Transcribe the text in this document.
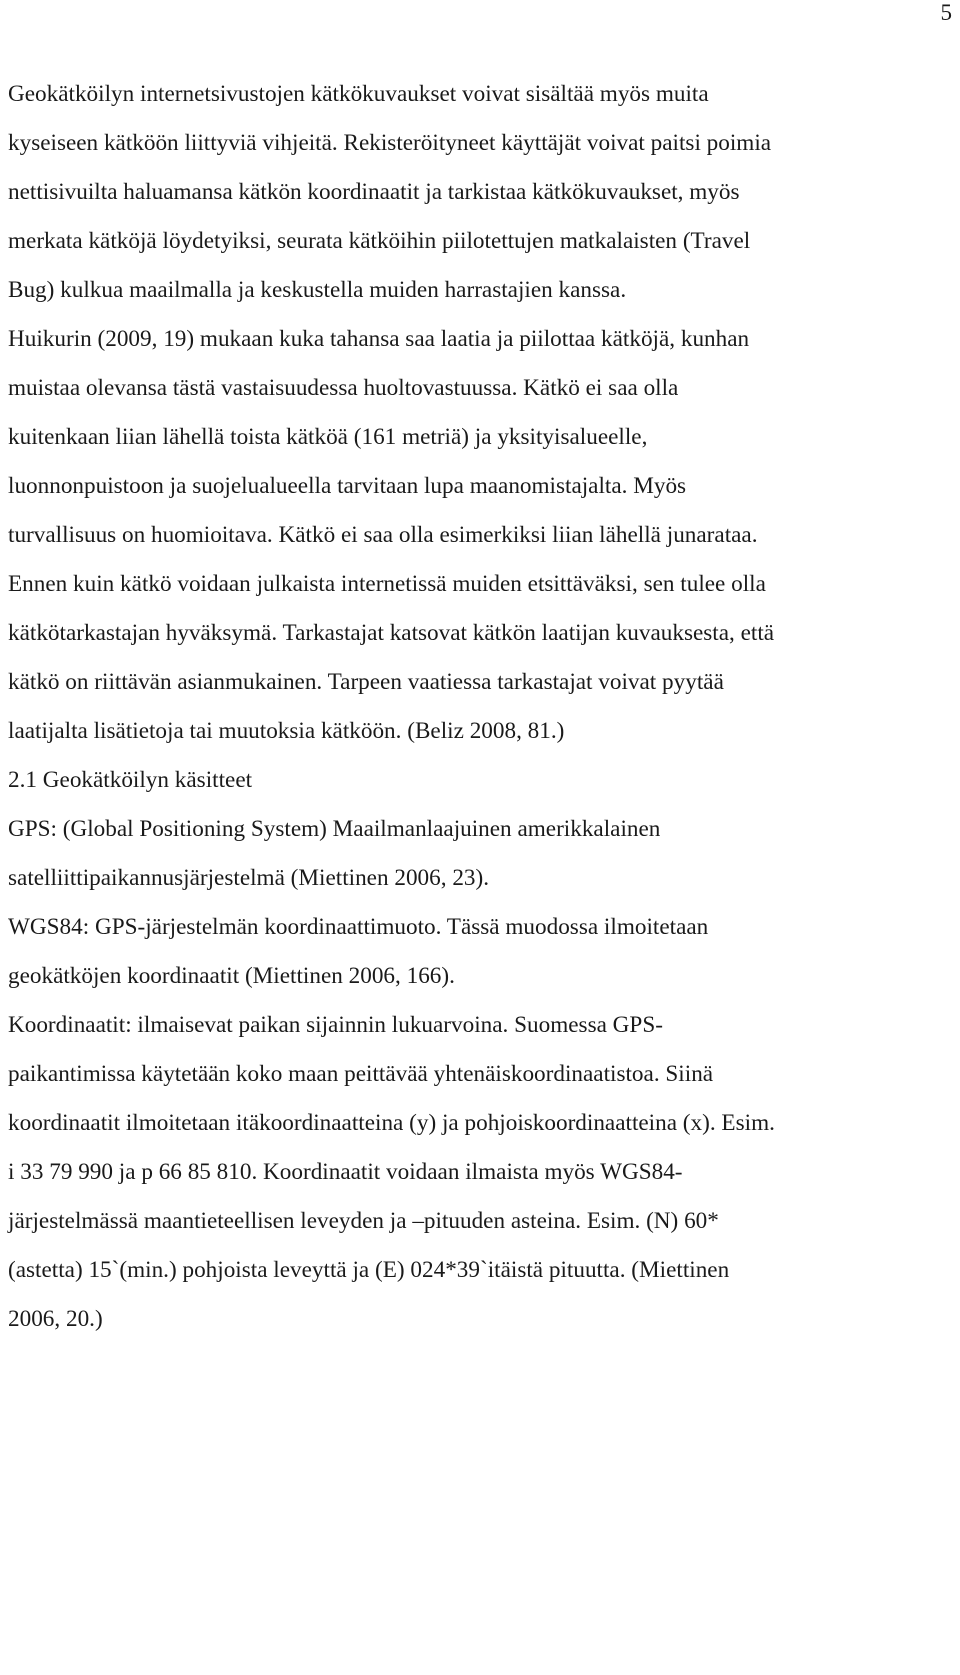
5

Geokätköilyn internetsivustojen kätkökuvaukset voivat sisältää myös muita
kyseiseen kätköön liittyviä vihjeitä. Rekisteröityneet käyttäjät voivat paitsi poimia
nettisivuilta haluamansa kätkön koordinaatit ja tarkistaa kätkökuvaukset, myös
merkata kätköjä löydetyiksi, seurata kätköihin piilotettujen matkalaisten (Travel
Bug) kulkua maailmalla ja keskustella muiden harrastajien kanssa.

Huikurin (2009, 19) mukaan kuka tahansa saa laatia ja piilottaa kätköjä, kunhan
muistaa olevansa tästä vastaisuudessa huoltovastuussa. Kätkö ei saa olla
kuitenkaan liian lähellä toista kätköä (161 metriä) ja yksityisalueelle,
luonnonpuistoon ja suojelualueella tarvitaan lupa maanomistajalta. Myös
turvallisuus on huomioitava. Kätkö ei saa olla esimerkiksi liian lähellä junarataa.
Ennen kuin kätkö voidaan julkaista internetissä muiden etsittäväksi, sen tulee olla
kätkötarkastajan hyväksymä. Tarkastajat katsovat kätkön laatijan kuvauksesta, että
kätkö on riittävän asianmukainen. Tarpeen vaatiessa tarkastajat voivat pyytää
laatijalta lisätietoja tai muutoksia kätköön. (Beliz 2008, 81.)

2.1 Geokätköilyn käsitteet

GPS: (Global Positioning System) Maailmanlaajuinen amerikkalainen
satelliittipaikannusjärjestelmä (Miettinen 2006, 23).

WGS84: GPS-järjestelmän koordinaattimuoto. Tässä muodossa ilmoitetaan
geokätköjen koordinaatit (Miettinen 2006, 166).

Koordinaatit: ilmaisevat paikan sijainnin lukuarvoina. Suomessa GPS-
paikantimissa käytetään koko maan peittävää yhtenäiskoordinaatistoa. Siinä
koordinaatit ilmoitetaan itäkoordinaatteina (y) ja pohjoiskoordinaatteina (x). Esim.
i 33 79 990 ja p 66 85 810. Koordinaatit voidaan ilmaista myös WGS84-
järjestelmässä maantieteellisen leveyden ja –pituuden asteina. Esim. (N) 60*
(astetta) 15`(min.) pohjoista leveyttä ja (E) 024*39`itäistä pituutta. (Miettinen
2006, 20.)
